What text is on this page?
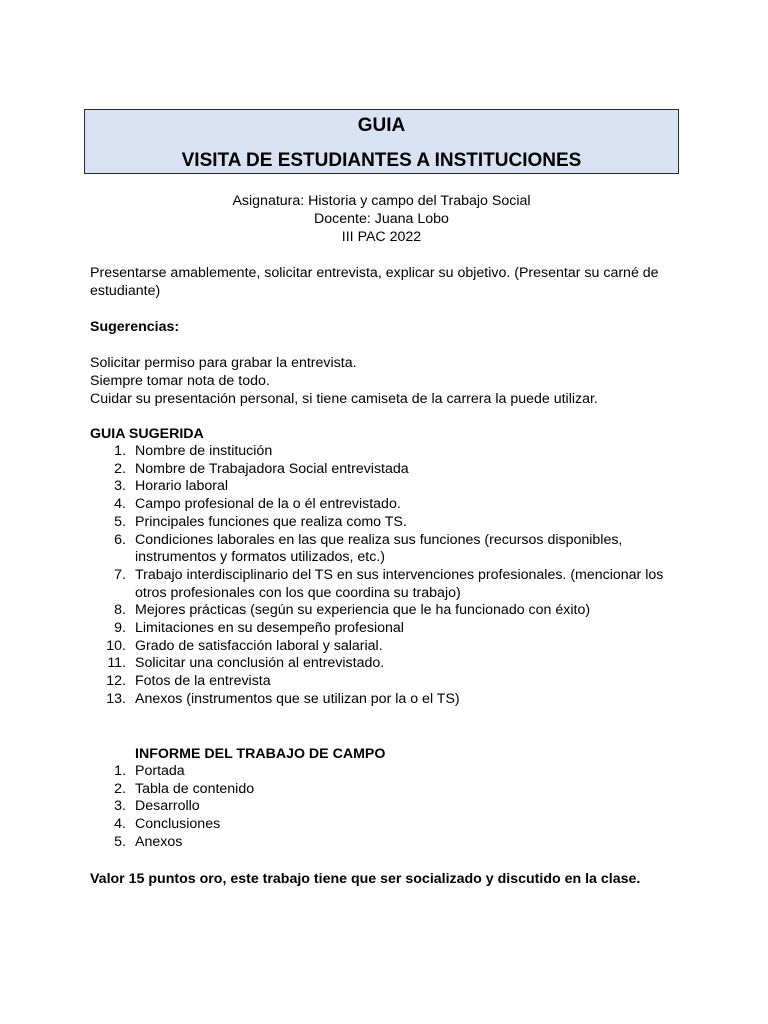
GUIA
VISITA DE ESTUDIANTES A INSTITUCIONES
Asignatura: Historia y campo del Trabajo Social
Docente: Juana Lobo
III PAC 2022
Presentarse amablemente, solicitar entrevista, explicar su objetivo. (Presentar su carné de estudiante)
Sugerencias:
Solicitar permiso para grabar la entrevista.
Siempre tomar nota de todo.
Cuidar su presentación personal, si tiene camiseta de la carrera la puede utilizar.
GUIA SUGERIDA
1. Nombre de institución
2. Nombre de Trabajadora Social entrevistada
3. Horario laboral
4. Campo profesional de la o él entrevistado.
5. Principales funciones que realiza como TS.
6. Condiciones laborales en las que realiza sus funciones (recursos disponibles, instrumentos y formatos utilizados, etc.)
7. Trabajo interdisciplinario del TS en sus intervenciones profesionales. (mencionar los otros profesionales con los que coordina su trabajo)
8. Mejores prácticas (según su experiencia que le ha funcionado con éxito)
9. Limitaciones en su desempeño profesional
10. Grado de satisfacción laboral y salarial.
11. Solicitar una conclusión al entrevistado.
12. Fotos de la entrevista
13. Anexos (instrumentos que se utilizan por la o el TS)
INFORME DEL TRABAJO DE CAMPO
1. Portada
2. Tabla de contenido
3. Desarrollo
4. Conclusiones
5. Anexos
Valor 15 puntos oro, este trabajo tiene que ser socializado y discutido en la clase.
